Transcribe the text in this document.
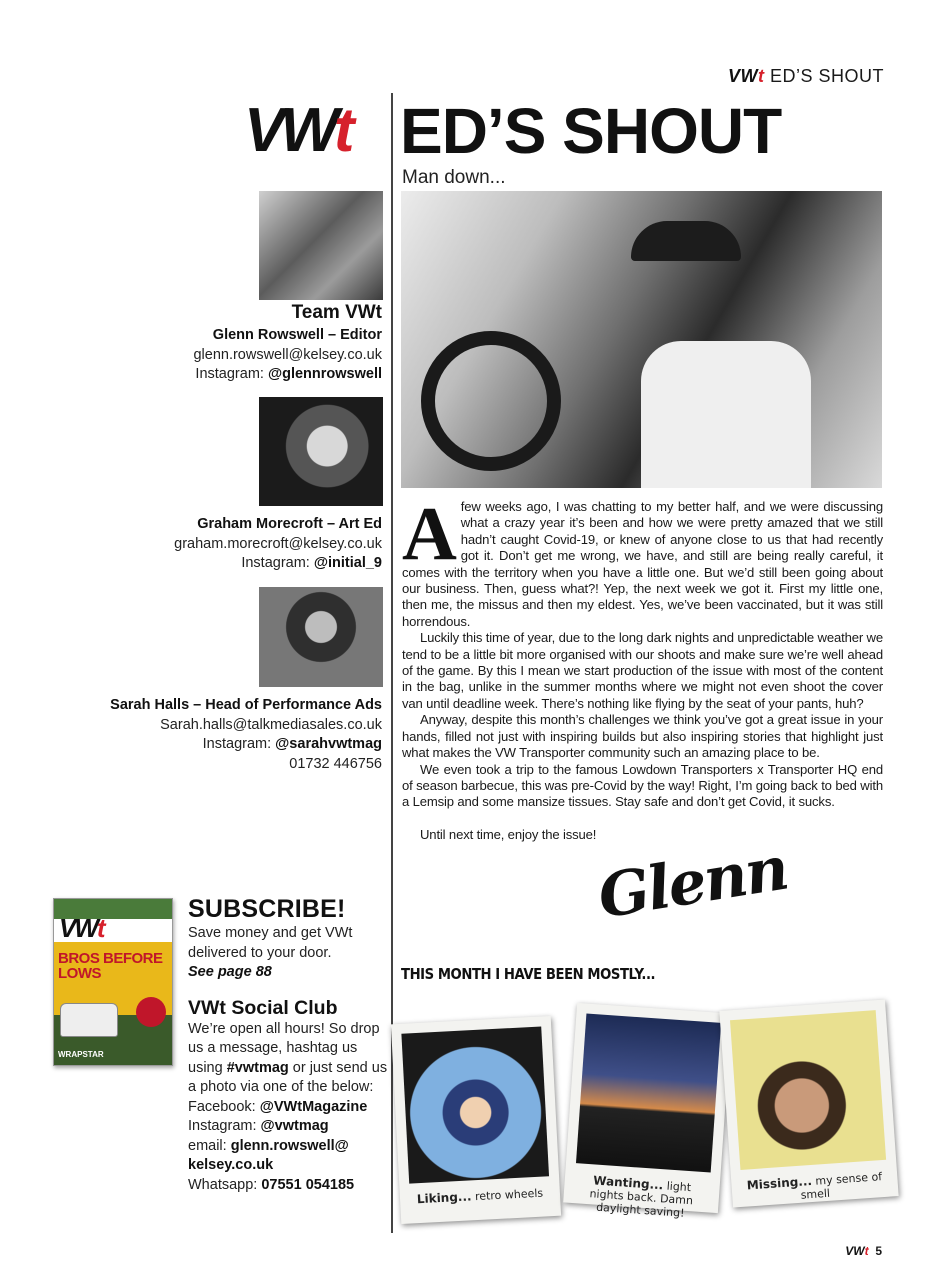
VWt ED’S SHOUT
VWt ED’S SHOUT
Man down...
Team VWt
Glenn Rowswell – Editor
glenn.rowswell@kelsey.co.uk
Instagram: @glennrowswell
Graham Morecroft – Art Ed
graham.morecroft@kelsey.co.uk
Instagram: @initial_9
Sarah Halls – Head of Performance Ads
Sarah.halls@talkmediasales.co.uk
Instagram: @sarahvwtmag
01732 446756

Afew weeks ago, I was chatting to my better half, and we were discussing what a crazy year it’s been and how we were pretty amazed that we still hadn’t caught Covid-19, or knew of anyone close to us that had recently got it. Don’t get me wrong, we have, and still are being really careful, it comes with the territory when you have a little one. But we’d still been going about our business. Then, guess what?! Yep, the next week we got it. First my little one, then me, the missus and then my eldest. Yes, we’ve been vaccinated, but it was still horrendous.

Luckily this time of year, due to the long dark nights and unpredictable weather we tend to be a little bit more organised with our shoots and make sure we’re well ahead of the game. By this I mean we start production of the issue with most of the content in the bag, unlike in the summer months where we might not even shoot the cover van until deadline week. There’s nothing like flying by the seat of your pants, huh?

Anyway, despite this month’s challenges we think you’ve got a great issue in your hands, filled not just with inspiring builds but also inspiring stories that highlight just what makes the VW Transporter community such an amazing place to be.

We even took a trip to the famous Lowdown Transporters x Transporter HQ end of season barbecue, this was pre-Covid by the way! Right, I’m going back to bed with a Lemsip and some mansize tissues. Stay safe and don’t get Covid, it sucks.

Until next time, enjoy the issue!

Glenn
THIS MONTH I HAVE BEEN MOSTLY...
Liking... retro wheels
Wanting... light nights back. Damn daylight saving!
Missing... my sense of smell
VWt
BROS BEFORE LOWS
WRAPSTAR
SUBSCRIBE!
Save money and get VWt delivered to your door.
See page 88
VWt Social Club
We’re open all hours! So drop us a message, hashtag us using #vwtmag or just send us a photo via one of the below:
Facebook: @VWtMagazine
Instagram: @vwtmag
email: glenn.rowswell@ kelsey.co.uk
Whatsapp: 07551 054185
VWt 5
